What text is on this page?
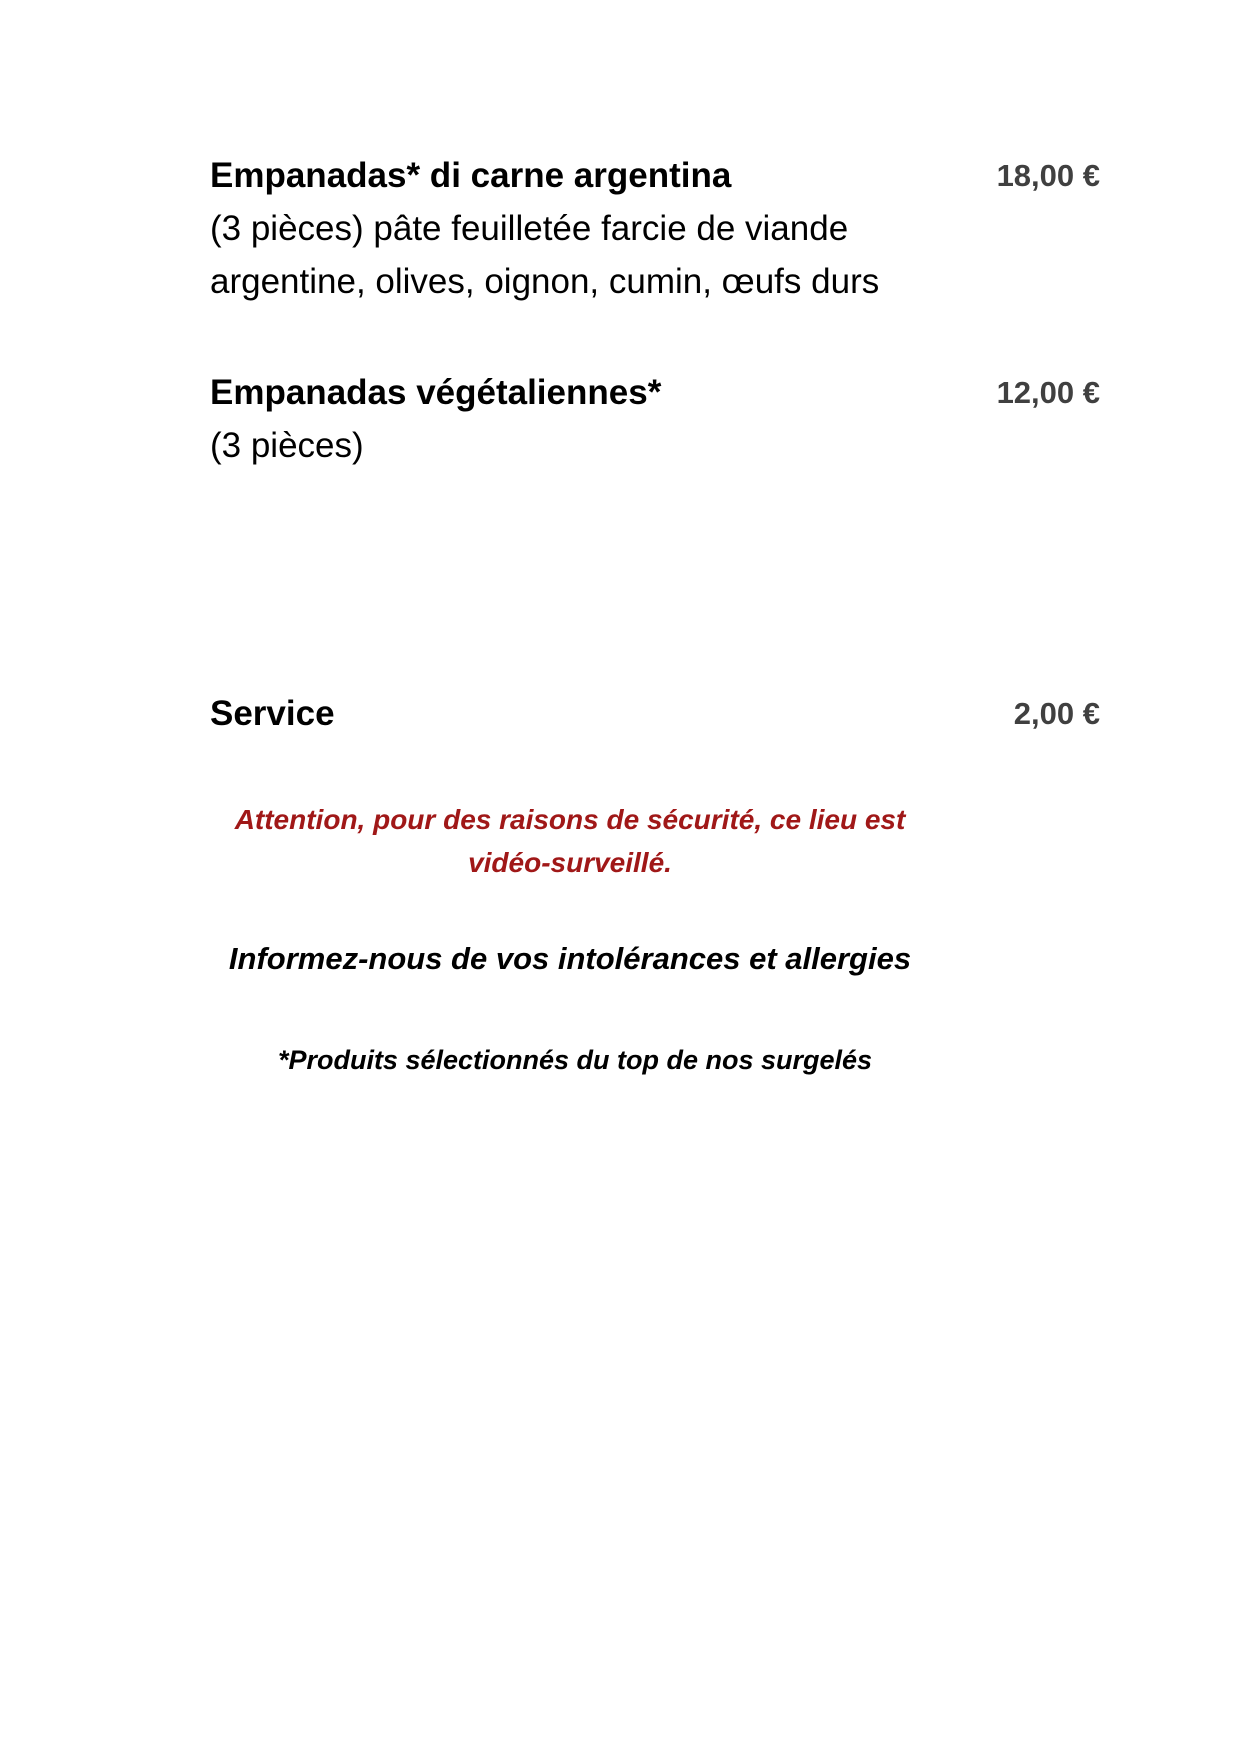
Empanadas* di carne argentina	18,00 €
(3 pièces) pâte feuilletée farcie de viande argentine, olives, oignon, cumin, œufs durs
Empanadas végétaliennes*	12,00 €
(3 pièces)
Service	2,00 €
Attention, pour des raisons de sécurité, ce lieu est vidéo-surveillé.
Informez-nous de vos intolérances et allergies
*Produits sélectionnés du top de nos surgelés
